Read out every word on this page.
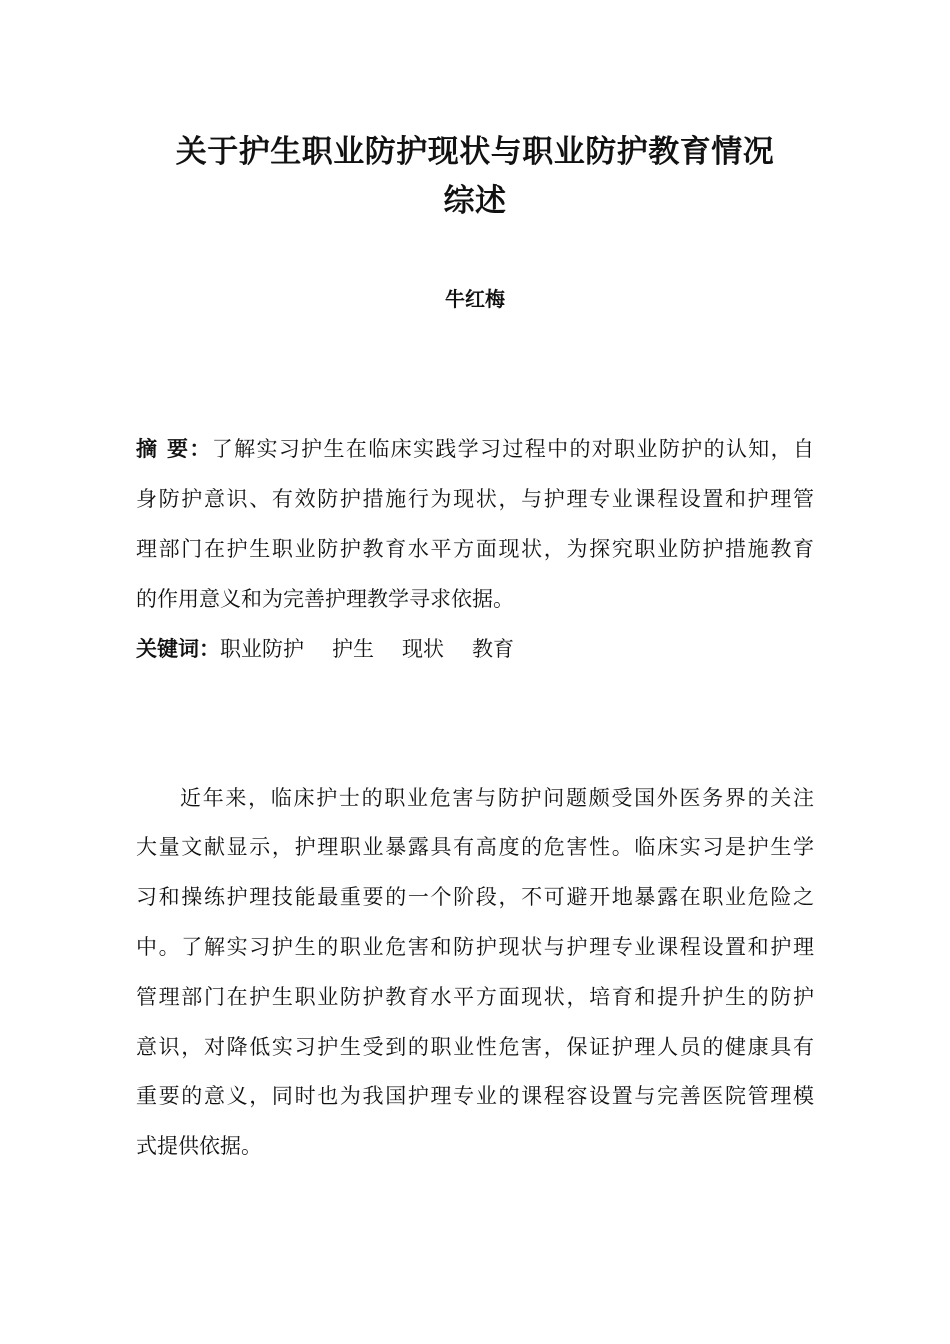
关于护生职业防护现状与职业防护教育情况
综述
牛红梅
摘 要：了解实习护生在临床实践学习过程中的对职业防护的认知，自
身防护意识、有效防护措施行为现状，与护理专业课程设置和护理管
理部门在护生职业防护教育水平方面现状，为探究职业防护措施教育
的作用意义和为完善护理教学寻求依据。
关键词：职业防护 护生 现状 教育
近年来，临床护士的职业危害与防护问题颇受国外医务界的关注
大量文献显示，护理职业暴露具有高度的危害性。临床实习是护生学
习和操练护理技能最重要的一个阶段，不可避开地暴露在职业危险之
中。了解实习护生的职业危害和防护现状与护理专业课程设置和护理
管理部门在护生职业防护教育水平方面现状，培育和提升护生的防护
意识，对降低实习护生受到的职业性危害，保证护理人员的健康具有
重要的意义，同时也为我国护理专业的课程容设置与完善医院管理模
式提供依据。
